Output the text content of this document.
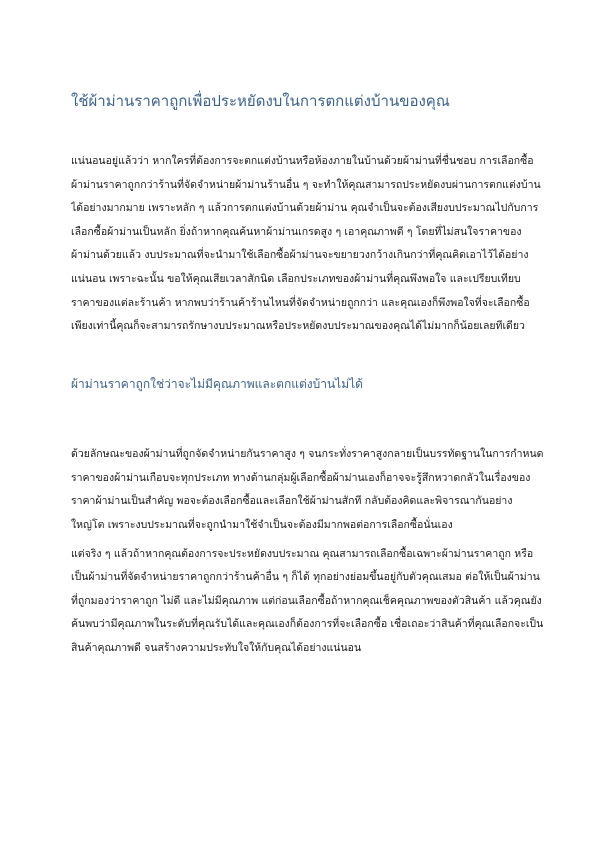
ใช้ผ้าม่านราคาถูกเพื่อประหยัดงบในการตกแต่งบ้านของคุณ

แน่นอนอยู่แล้วว่า หากใครที่ต้องการจะตกแต่งบ้านหรือห้องภายในบ้านด้วยผ้าม่านที่ชื่นชอบ การเลือกซื้อ
ผ้าม่านราคาถูกกว่าร้านที่จัดจำหน่ายผ้าม่านร้านอื่น ๆ จะทำให้คุณสามารถประหยัดงบผ่านการตกแต่งบ้าน
ได้อย่างมากมาย เพราะหลัก ๆ แล้วการตกแต่งบ้านด้วยผ้าม่าน คุณจำเป็นจะต้องเสียงบประมาณไปกับการ
เลือกซื้อผ้าม่านเป็นหลัก ยิ่งถ้าหากคุณค้นหาผ้าม่านเกรดสูง ๆ เอาคุณภาพดี ๆ โดยที่ไม่สนใจราคาของ
ผ้าม่านด้วยแล้ว งบประมาณที่จะนำมาใช้เลือกซื้อผ้าม่านจะขยายวงกว้างเกินกว่าที่คุณคิดเอาไว้ได้อย่าง
แน่นอน เพราะฉะนั้น ขอให้คุณเสียเวลาสักนิด เลือกประเภทของผ้าม่านที่คุณพึงพอใจ และเปรียบเทียบ
ราคาของแต่ละร้านค้า หากพบว่าร้านค้าร้านไหนที่จัดจำหน่ายถูกกว่า และคุณเองก็พึงพอใจที่จะเลือกซื้อ
เพียงเท่านี้คุณก็จะสามารถรักษางบประมาณหรือประหยัดงบประมาณของคุณได้ไม่มากก็น้อยเลยทีเดียว

ผ้าม่านราคาถูกใช่ว่าจะไม่มีคุณภาพและตกแต่งบ้านไม่ได้

ด้วยลักษณะของผ้าม่านที่ถูกจัดจำหน่ายกันราคาสูง ๆ จนกระทั่งราคาสูงกลายเป็นบรรทัดฐานในการกำหนด
ราคาของผ้าม่านเกือบจะทุกประเภท ทางด้านกลุ่มผู้เลือกซื้อผ้าม่านเองก็อาจจะรู้สึกหวาดกลัวในเรื่องของ
ราคาผ้าม่านเป็นสำคัญ พอจะต้องเลือกซื้อและเลือกใช้ผ้าม่านสักที กลับต้องคิดและพิจารณากันอย่าง
ใหญ่โต เพราะงบประมาณที่จะถูกนำมาใช้จำเป็นจะต้องมีมากพอต่อการเลือกซื้อนั่นเอง

แต่จริง ๆ แล้วถ้าหากคุณต้องการจะประหยัดงบประมาณ คุณสามารถเลือกซื้อเฉพาะผ้าม่านราคาถูก หรือ
เป็นผ้าม่านที่จัดจำหน่ายราคาถูกกว่าร้านค้าอื่น ๆ ก็ได้ ทุกอย่างย่อมขึ้นอยู่กับตัวคุณเสมอ ต่อให้เป็นผ้าม่าน
ที่ถูกมองว่าราคาถูก ไม่ดี และไม่มีคุณภาพ แต่ก่อนเลือกซื้อถ้าหากคุณเช็คคุณภาพของตัวสินค้า แล้วคุณยัง
ค้นพบว่ามีคุณภาพในระดับที่คุณรับได้และคุณเองก็ต้องการที่จะเลือกซื้อ เชื่อเถอะว่าสินค้าที่คุณเลือกจะเป็น
สินค้าคุณภาพดี จนสร้างความประทับใจให้กับคุณได้อย่างแน่นอน
